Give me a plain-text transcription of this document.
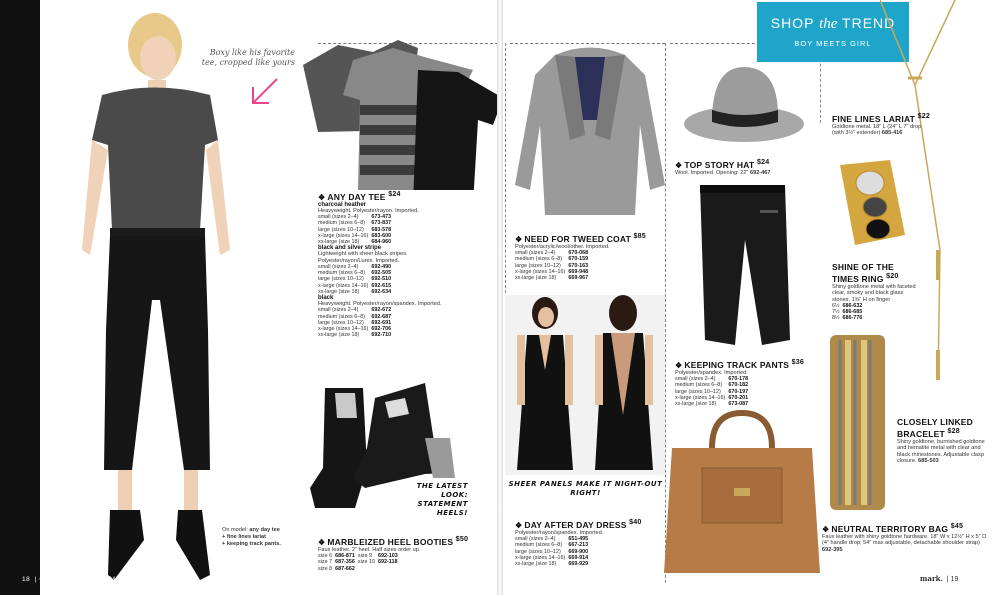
Boxy like his favorite tee, cropped like yours
On model: any day tee
+ fine lines lariat
+ keeping track pants.
18  | GET IT ALL @ MEETMARK.COM
❖ ANY DAY TEE $^{\$24}$
charcoal heather
Heavyweight. Polyester/rayon. Imported.
small (sizes 2–4)	673-473
medium (sizes 6–8)	673-837
large (sizes 10–12)	683-578
x-large (sizes 14–16)	683-600
xx-large (size 18)	684-960
black and silver stripe
Lightweight with sheer black stripes. Polyester/rayon/Lurex. Imported.
small (sizes 2–4)	692-490
medium (sizes 6–8)	692-505
large (sizes 10–12)	692-510
x-large (sizes 14–16)	692-615
xx-large (size 18)	692-634
black
Heavyweight. Polyester/rayon/spandex. Imported.
small (sizes 2–4)	692-672
medium (sizes 6–8)	692-687
large (sizes 10–12)	692-691
x-large (sizes 14–16)	692-706
xx-large (size 18)	692-710
THE LATEST LOOK: STATEMENT HEELS!
❖ MARBLEIZED HEEL BOOTIES $^{\$50}$
Faux leather. 2" heel. Half sizes order up.
size 6	686-871	size 9	692-103
size 7	687-356	size 10	692-118
size 8	687-662		
❖ NEED FOR TWEED COAT $^{\$85}$
Polyester/acrylic/wool/other. Imported.
small (sizes 2–4)	670-068
medium (sizes 6–8)	670-159
large (sizes 10–12)	670-163
x-large (sizes 14–16)	669-948
xx-large (size 18)	669-967
SHEER PANELS MAKE IT NIGHT-OUT RIGHT!
❖ DAY AFTER DAY DRESS $^{\$40}$
Polyester/rayon/spandex. Imported.
small (sizes 2–4)	651-495
medium (sizes 6–8)	667-213
large (sizes 10–12)	669-900
x-large (sizes 14–16)	669-914
xx-large (size 18)	669-929
❖ TOP STORY HAT $^{\$24}$
Wool. Imported. Opening: 22" 692-467
❖ KEEPING TRACK PANTS $^{\$36}$
Polyester/spandex. Imported.
small (sizes 2–4)	670-178
medium (sizes 6–8)	670-182
large (sizes 10–12)	670-197
x-large (sizes 14–16)	670-201
xx-large (size 18)	673-087
SHOP the TREND
BOY MEETS GIRL
FINE LINES LARIAT $^{\$22}$
Goldtone metal. 18" L (24" L 7" drop (with 3½" extender) 685-416
SHINE OF THE TIMES RING $^{\$20}$
Shiny goldtone metal with faceted clear, smoky and black glass stones. 1⅜" H on finger
6½	686-632
7½	686-685
8½	686-776
CLOSELY LINKED BRACELET $^{\$28}$
Shiny goldtone, burnished goldtone and hematite metal with clear and black rhinestones. Adjustable clasp closure. 685-503
❖ NEUTRAL TERRITORY BAG $^{\$45}$
Faux leather with shiny goldtone hardware. 18" W x 12½" H x 5" D (4" handle drop; 54" max adjustable, detachable shoulder strap)
692-395
mark.  | 19
